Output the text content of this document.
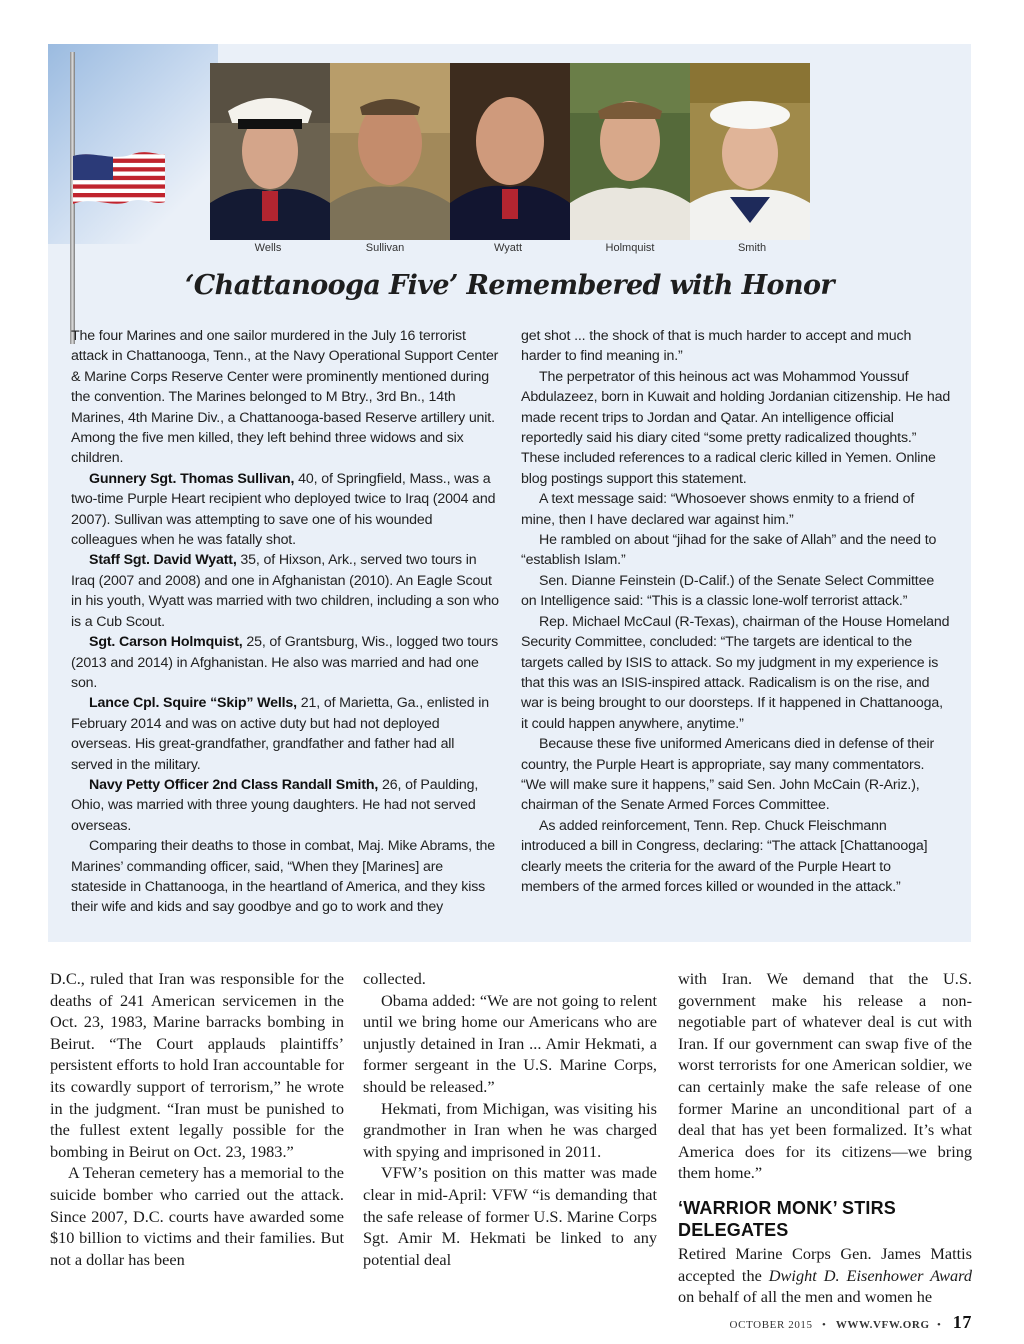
Wells	Sullivan	Wyatt	Holmquist	Smith
‘Chattanooga Five’ Remembered with Honor

The four Marines and one sailor murdered in the July 16 terrorist attack in Chattanooga, Tenn., at the Navy Operational Support Center & Marine Corps Reserve Center were prominently mentioned during the convention. The Marines belonged to M Btry., 3rd Bn., 14th Marines, 4th Marine Div., a Chattanooga-based Reserve artillery unit. Among the five men killed, they left behind three widows and six children.

Gunnery Sgt. Thomas Sullivan, 40, of Springfield, Mass., was a two-time Purple Heart recipient who deployed twice to Iraq (2004 and 2007). Sullivan was attempting to save one of his wounded colleagues when he was fatally shot.

Staff Sgt. David Wyatt, 35, of Hixson, Ark., served two tours in Iraq (2007 and 2008) and one in Afghanistan (2010). An Eagle Scout in his youth, Wyatt was married with two children, including a son who is a Cub Scout.

Sgt. Carson Holmquist, 25, of Grantsburg, Wis., logged two tours (2013 and 2014) in Afghanistan. He also was married and had one son.

Lance Cpl. Squire “Skip” Wells, 21, of Marietta, Ga., enlisted in February 2014 and was on active duty but had not deployed overseas. His great-grandfather, grandfather and father had all served in the military.

Navy Petty Officer 2nd Class Randall Smith, 26, of Paulding, Ohio, was married with three young daughters. He had not served overseas.

Comparing their deaths to those in combat, Maj. Mike Abrams, the Marines’ commanding officer, said, “When they [Marines] are stateside in Chattanooga, in the heartland of America, and they kiss their wife and kids and say goodbye and go to work and they

get shot ... the shock of that is much harder to accept and much harder to find meaning in.”

The perpetrator of this heinous act was Mohammod Youssuf Abdulazeez, born in Kuwait and holding Jordanian citizenship. He had made recent trips to Jordan and Qatar. An intelligence official reportedly said his diary cited “some pretty radicalized thoughts.” These included references to a radical cleric killed in Yemen. Online blog postings support this statement.

A text message said: “Whosoever shows enmity to a friend of mine, then I have declared war against him.”

He rambled on about “jihad for the sake of Allah” and the need to “establish Islam.”

Sen. Dianne Feinstein (D-Calif.) of the Senate Select Committee on Intelligence said: “This is a classic lone-wolf terrorist attack.”

Rep. Michael McCaul (R-Texas), chairman of the House Homeland Security Committee, concluded: “The targets are identical to the targets called by ISIS to attack. So my judgment in my experience is that this was an ISIS-inspired attack. Radicalism is on the rise, and war is being brought to our doorsteps. If it happened in Chattanooga, it could happen anywhere, anytime.”

Because these five uniformed Americans died in defense of their country, the Purple Heart is appropriate, say many commentators. “We will make sure it happens,” said Sen. John McCain (R-Ariz.), chairman of the Senate Armed Forces Committee.

As added reinforcement, Tenn. Rep. Chuck Fleischmann introduced a bill in Congress, declaring: “The attack [Chattanooga] clearly meets the criteria for the award of the Purple Heart to members of the armed forces killed or wounded in the attack.”

D.C., ruled that Iran was responsible for the deaths of 241 American servicemen in the Oct. 23, 1983, Marine barracks bombing in Beirut. “The Court applauds plaintiffs’ persistent efforts to hold Iran accountable for its cowardly support of terrorism,” he wrote in the judgment. “Iran must be punished to the fullest extent legally possible for the bombing in Beirut on Oct. 23, 1983.”

A Teheran cemetery has a memorial to the suicide bomber who carried out the attack. Since 2007, D.C. courts have awarded some $10 billion to victims and their families. But not a dollar has been

collected.

Obama added: “We are not going to relent until we bring home our Americans who are unjustly detained in Iran ... Amir Hekmati, a former sergeant in the U.S. Marine Corps, should be released.”

Hekmati, from Michigan, was visiting his grandmother in Iran when he was charged with spying and imprisoned in 2011.

VFW’s position on this matter was made clear in mid-April: VFW “is demanding that the safe release of former U.S. Marine Corps Sgt. Amir M. Hekmati be linked to any potential deal

with Iran. We demand that the U.S. government make his release a non-negotiable part of whatever deal is cut with Iran. If our government can swap five of the worst terrorists for one American soldier, we can certainly make the safe release of one former Marine an unconditional part of a deal that has yet been formalized. It’s what America does for its citizens—we bring them home.”

‘WARRIOR MONK’ STIRS DELEGATES

Retired Marine Corps Gen. James Mattis accepted the Dwight D. Eisenhower Award on behalf of all the men and women he

OCTOBER 2015 • WWW.VFW.ORG • 17
